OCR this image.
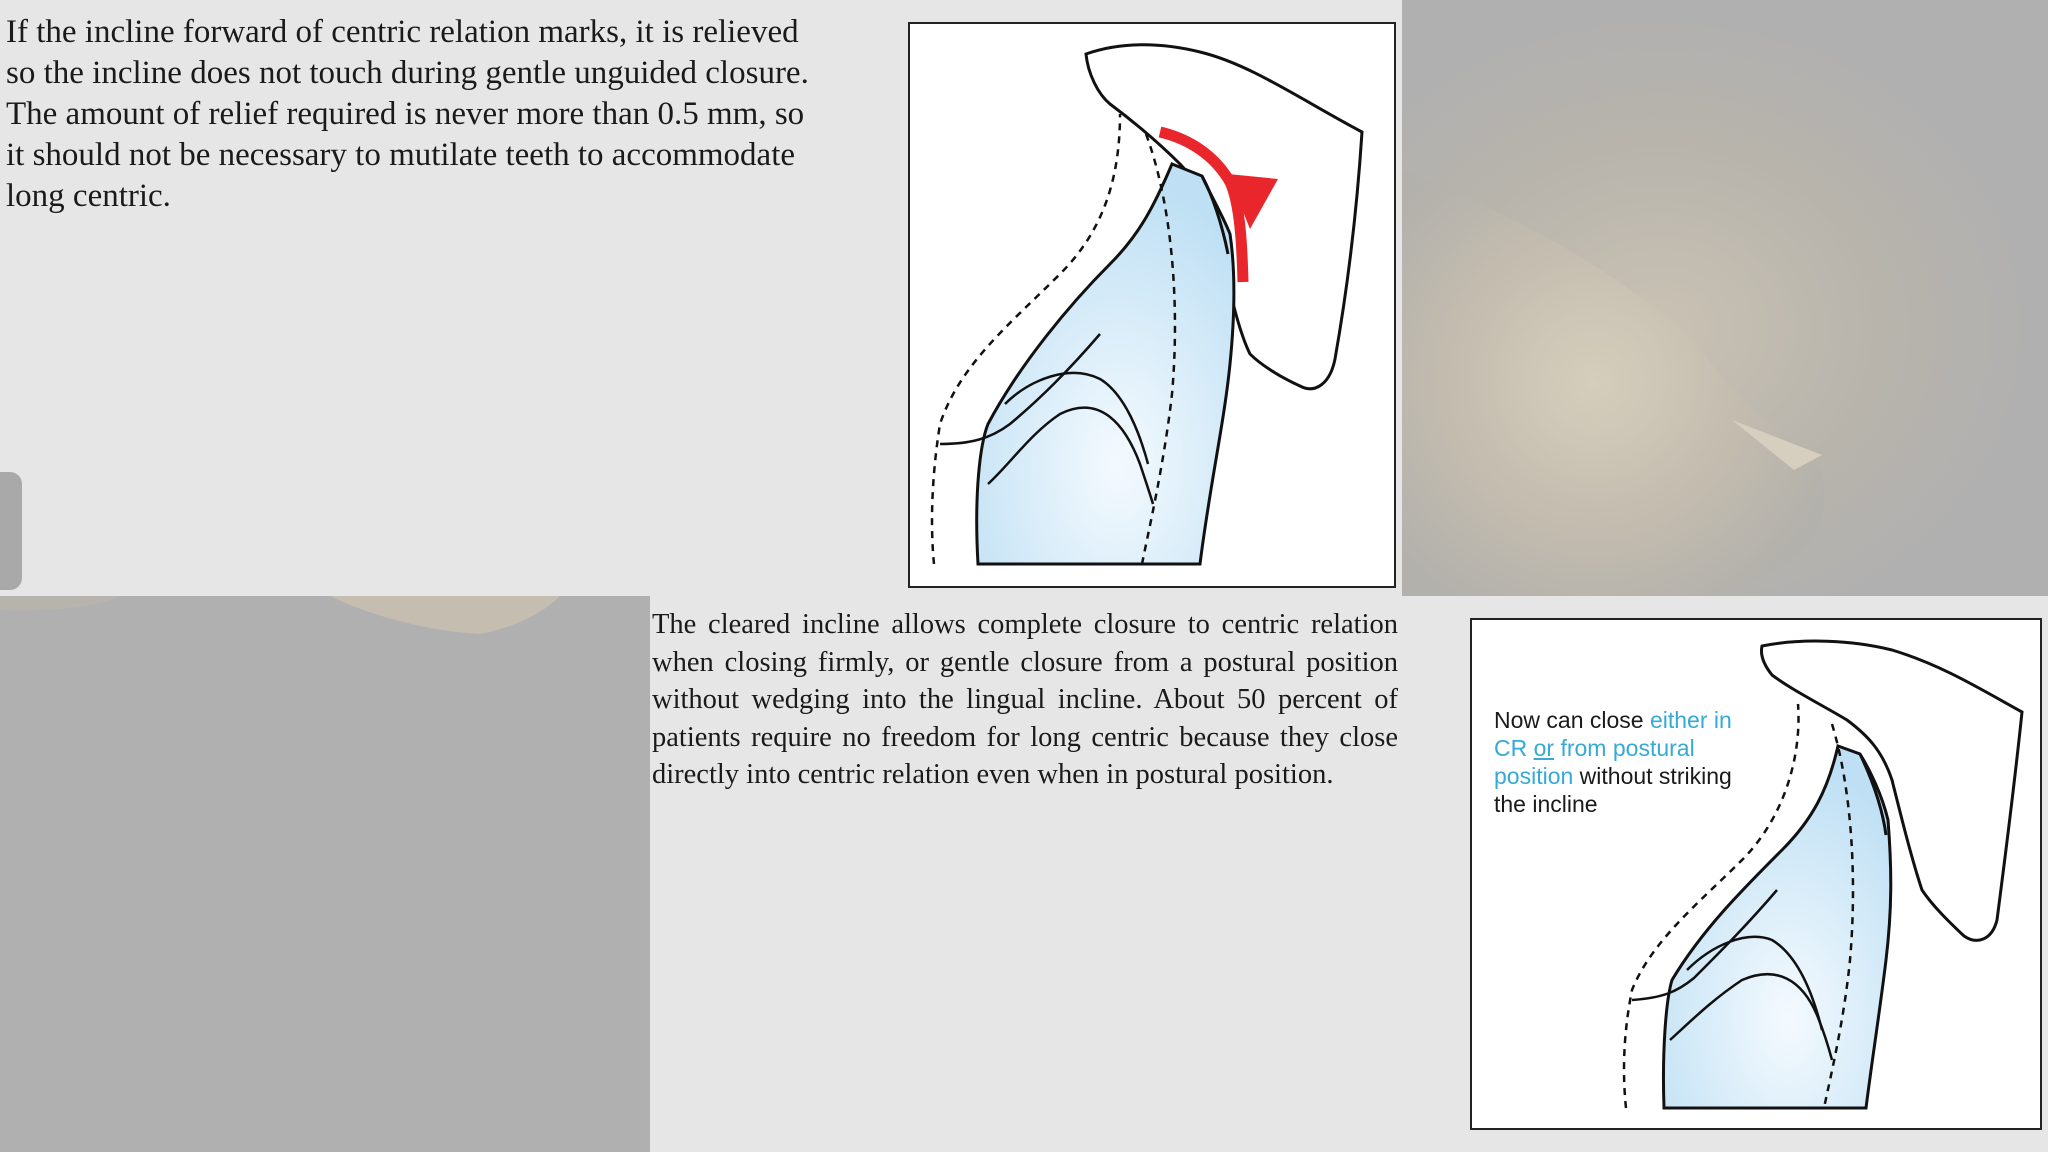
If the incline forward of centric relation marks, it is relieved so the incline does not touch during gentle unguided closure. The amount of relief required is never more than 0.5 mm, so it should not be necessary to mutilate teeth to accommodate long centric.

The cleared incline allows complete closure to centric relation when closing firmly, or gentle closure from a postural position without wedging into the lingual incline. About 50 percent of patients require no freedom for long centric because they close directly into centric relation even when in postural position.

Now can close either in CR or from postural position without striking the incline
